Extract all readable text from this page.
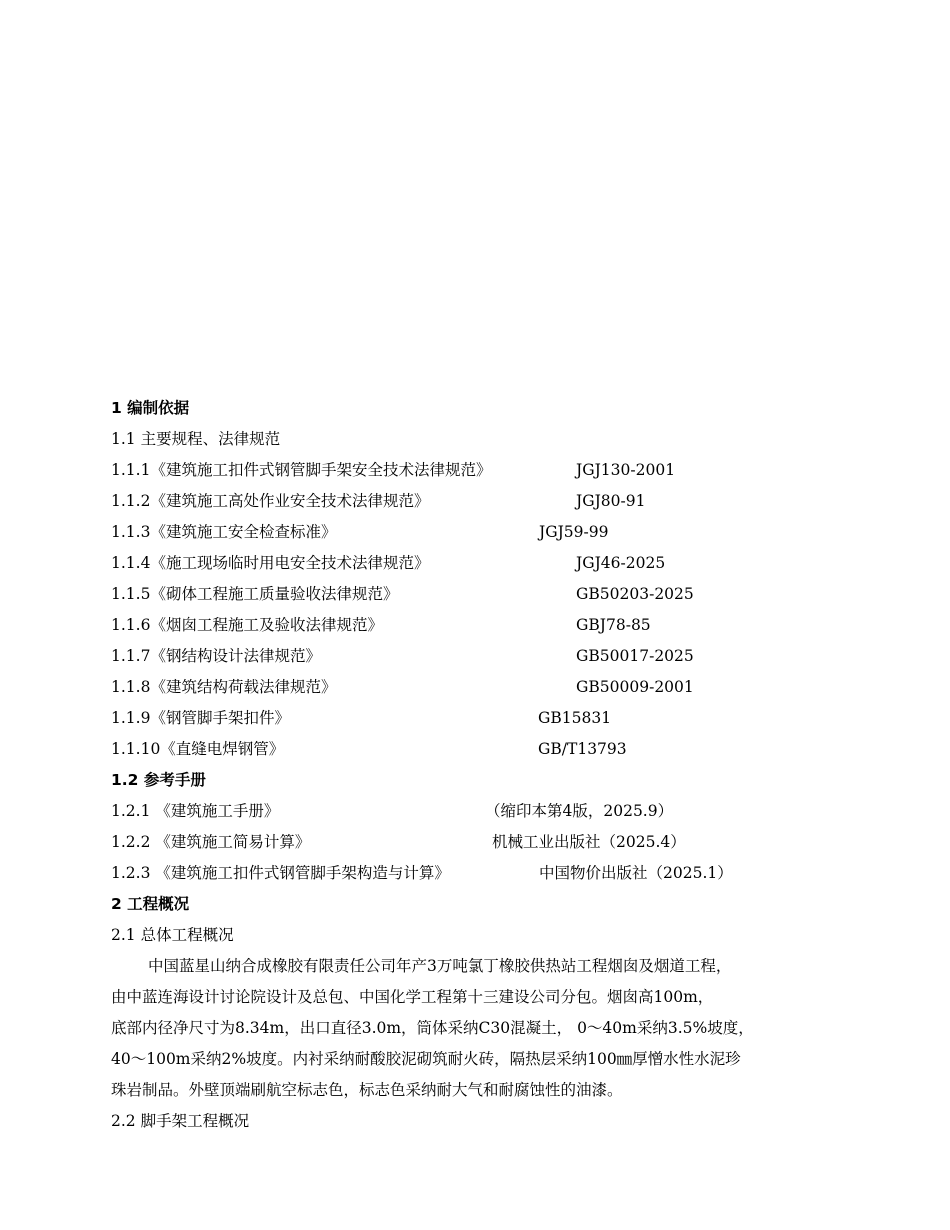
1 编制依据
1.1 主要规程、法律规范
1.1.1《建筑施工扣件式钢管脚手架安全技术法律规范》	JGJ130-2001
1.1.2《建筑施工高处作业安全技术法律规范》	JGJ80-91
1.1.3《建筑施工安全检查标准》	JGJ59-99
1.1.4《施工现场临时用电安全技术法律规范》	JGJ46-2025
1.1.5《砌体工程施工质量验收法律规范》	GB50203-2025
1.1.6《烟囱工程施工及验收法律规范》	GBJ78-85
1.1.7《钢结构设计法律规范》	GB50017-2025
1.1.8《建筑结构荷载法律规范》	GB50009-2001
1.1.9《钢管脚手架扣件》	GB15831
1.1.10《直缝电焊钢管》	GB/T13793
1.2 参考手册
1.2.1 《建筑施工手册》	（缩印本第4版，2025.9）
1.2.2 《建筑施工简易计算》	机械工业出版社（2025.4）
1.2.3 《建筑施工扣件式钢管脚手架构造与计算》	中国物价出版社（2025.1）
2 工程概况
2.1 总体工程概况

中国蓝星山纳合成橡胶有限责任公司年产3万吨氯丁橡胶供热站工程烟囱及烟道工程，

由中蓝连海设计讨论院设计及总包、中国化学工程第十三建设公司分包。烟囱高100m，

底部内径净尺寸为8.34m，出口直径3.0m，筒体采纳C30混凝土， 0～40m采纳3.5%坡度，

40～100m采纳2%坡度。内衬采纳耐酸胶泥砌筑耐火砖，隔热层采纳100㎜厚憎水性水泥珍

珠岩制品。外壁顶端刷航空标志色，标志色采纳耐大气和耐腐蚀性的油漆。

2.2 脚手架工程概况
